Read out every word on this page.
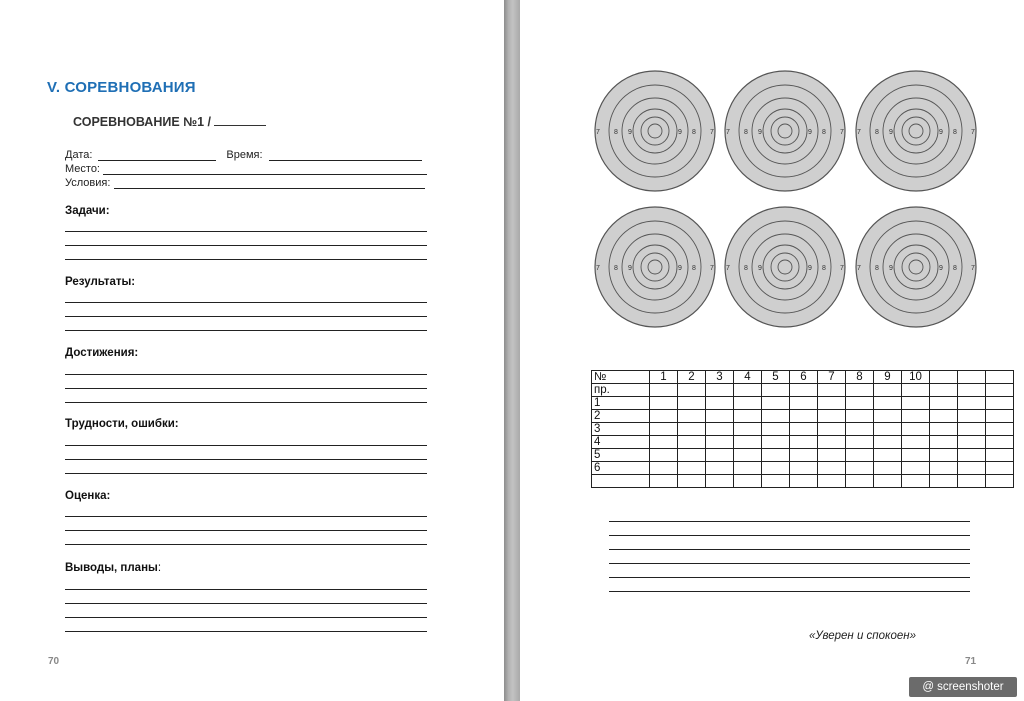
V. СОРЕВНОВАНИЯ
СОРЕВНОВАНИЕ №1 /
Дата:	Время:
Место:
Условия:
Задачи:
Результаты:
Достижения:
Трудности, ошибки:
Оценка:
Выводы, планы:
70
7 8 9	9 8 7 7 8 9	9 8 7 7 8 9	9 8 7
7 8 9	9 8 7 7 8 9	9 8 7 7 8 9	9 8 7
№	1	2	3	4	5	6	7	8	9	10			
пр.													
1													
2													
3													
4													
5													
6													

«Уверен и спокоен»
71
@ screenshoter
